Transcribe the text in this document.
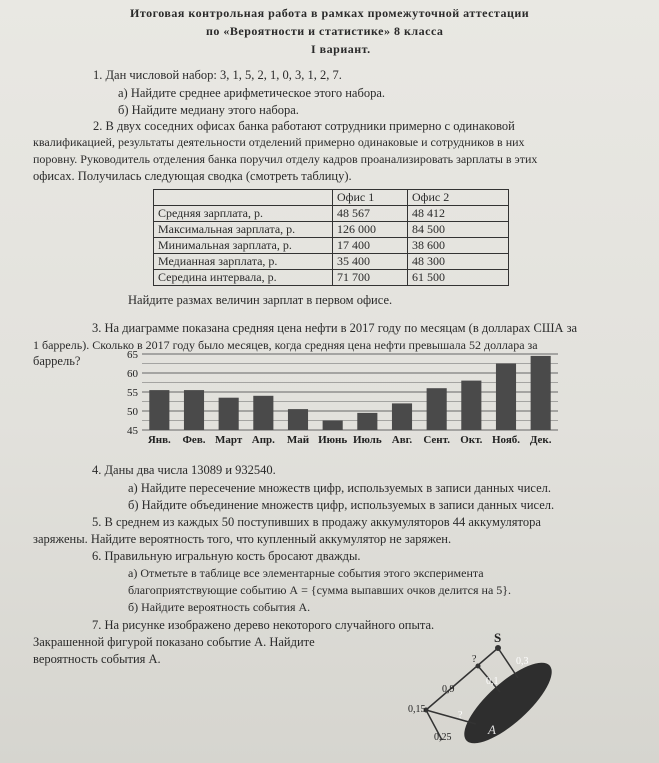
Итоговая контрольная работа в рамках промежуточной аттестации
по «Вероятности и статистике» 8 класса
I вариант.
1. Дан числовой набор: 3, 1, 5, 2, 1, 0, 3, 1, 2, 7.
а) Найдите среднее арифметическое этого набора.
б) Найдите медиану этого набора.
2. В двух соседних офисах банка работают сотрудники примерно с одинаковой
квалификацией, результаты деятельности отделений примерно одинаковые и сотрудников в них
поровну. Руководитель отделения банка поручил отделу кадров проанализировать зарплаты в этих
офисах. Получилась следующая сводка (смотреть таблицу).
	Офис 1	Офис 2
Средняя зарплата, р.	48 567	48 412
Максимальная зарплата, р.	126 000	84 500
Минимальная зарплата, р.	17 400	38 600
Медианная зарплата, р.	35 400	48 300
Середина интервала, р.	71 700	61 500
Найдите размах величин зарплат в первом офисе.
3. На диаграмме показана средняя цена нефти в 2017 году по месяцам (в долларах США за
1 баррель). Сколько в 2017 году было месяцев, когда средняя цена нефти превышала 52 доллара за
баррель?
45
50
55
60
65
Янв. Фев. Март Апр. Май Июнь Июль Авг. Сент. Окт. Нояб. Дек.
4. Даны два числа 13089 и 932540.
а) Найдите пересечение множеств цифр, используемых в записи данных чисел.
б) Найдите объединение множеств цифр, используемых в записи данных чисел.
5. В среднем из каждых 50 поступивших в продажу аккумуляторов 44 аккумулятора
заряжены. Найдите вероятность того, что купленный аккумулятор не заряжен.
6. Правильную игральную кость бросают дважды.
а) Отметьте в таблице все элементарные события этого эксперимента
благоприятствующие событию А = {сумма выпавших очков делится на 5}.
б) Найдите вероятность события А.
7. На рисунке изображено дерево некоторого случайного опыта.
Закрашенной фигурой показано событие А. Найдите
вероятность события А.
S
?	0,3
0,1
0,9
0,15
?
0,25
A
